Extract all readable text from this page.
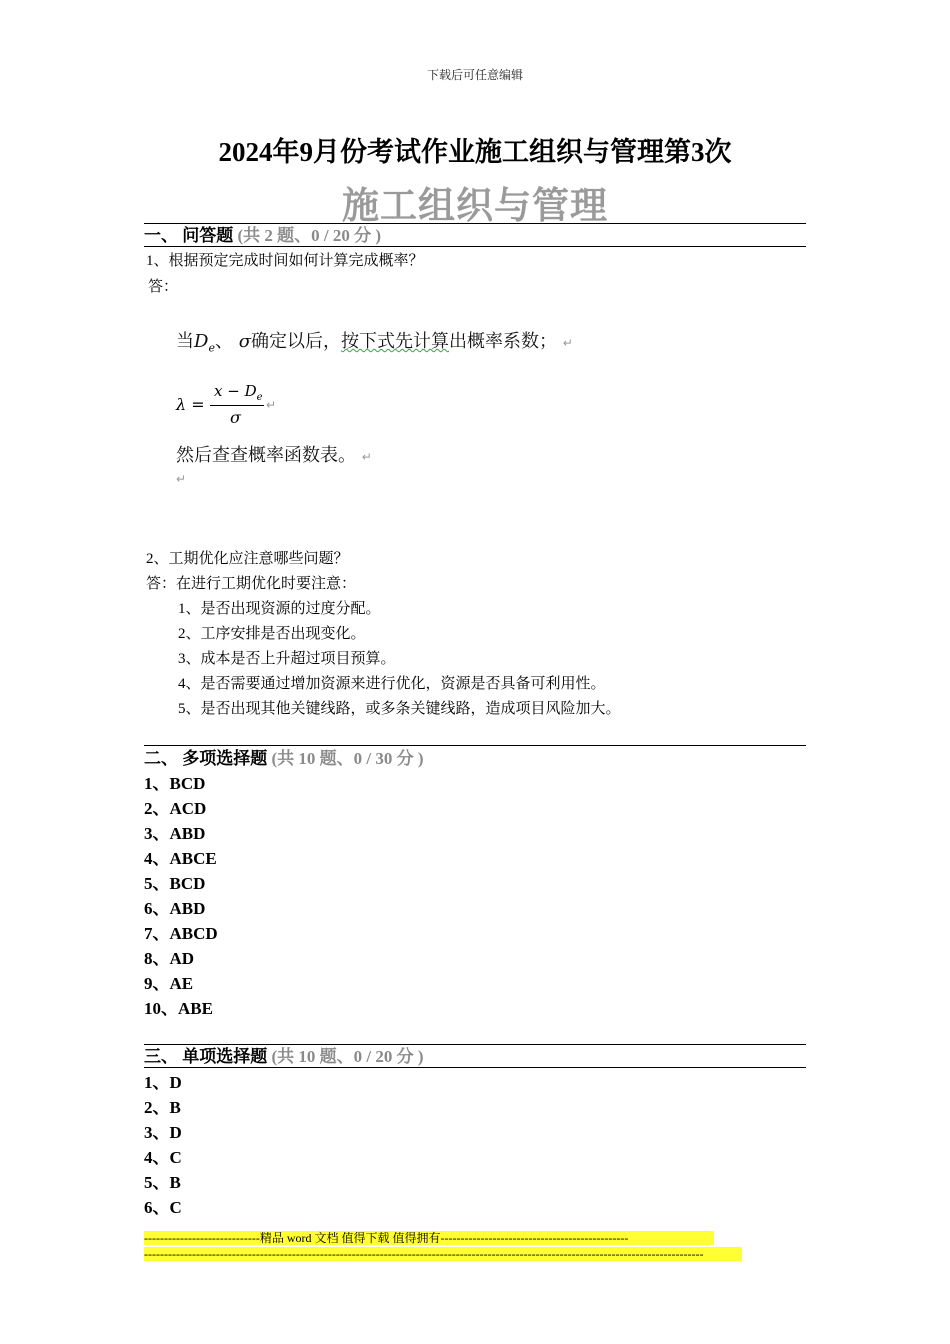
下载后可任意编辑
2024年9月份考试作业施工组织与管理第3次
施工组织与管理
一、 问答题 (共 2 题、0 / 20 分 )
1、根据预定完成时间如何计算完成概率？
答：
当$D_e$、 σ确定以后，按下式先计算出概率系数； ↵
λ =
$x - D_e$
σ
↵
然后查查概率函数表。 ↵
↵
2、工期优化应注意哪些问题？
答：在进行工期优化时要注意：
1、是否出现资源的过度分配。
2、工序安排是否出现变化。
3、成本是否上升超过项目预算。
4、是否需要通过增加资源来进行优化，资源是否具备可利用性。
5、是否出现其他关键线路，或多条关键线路，造成项目风险加大。
二、 多项选择题 (共 10 题、0 / 30 分 )
1、BCD
2、ACD
3、ABD
4、ABCE
5、BCD
6、ABD
7、ABCD
8、AD
9、AE
10、ABE
三、 单项选择题 (共 10 题、0 / 20 分 )
1、D
2、B
3、D
4、C
5、B
6、C
-----------------------------精品 word 文档 值得下载 值得拥有-----------------------------------------------
--------------------------------------------------------------------------------------------------------------------------------------------
